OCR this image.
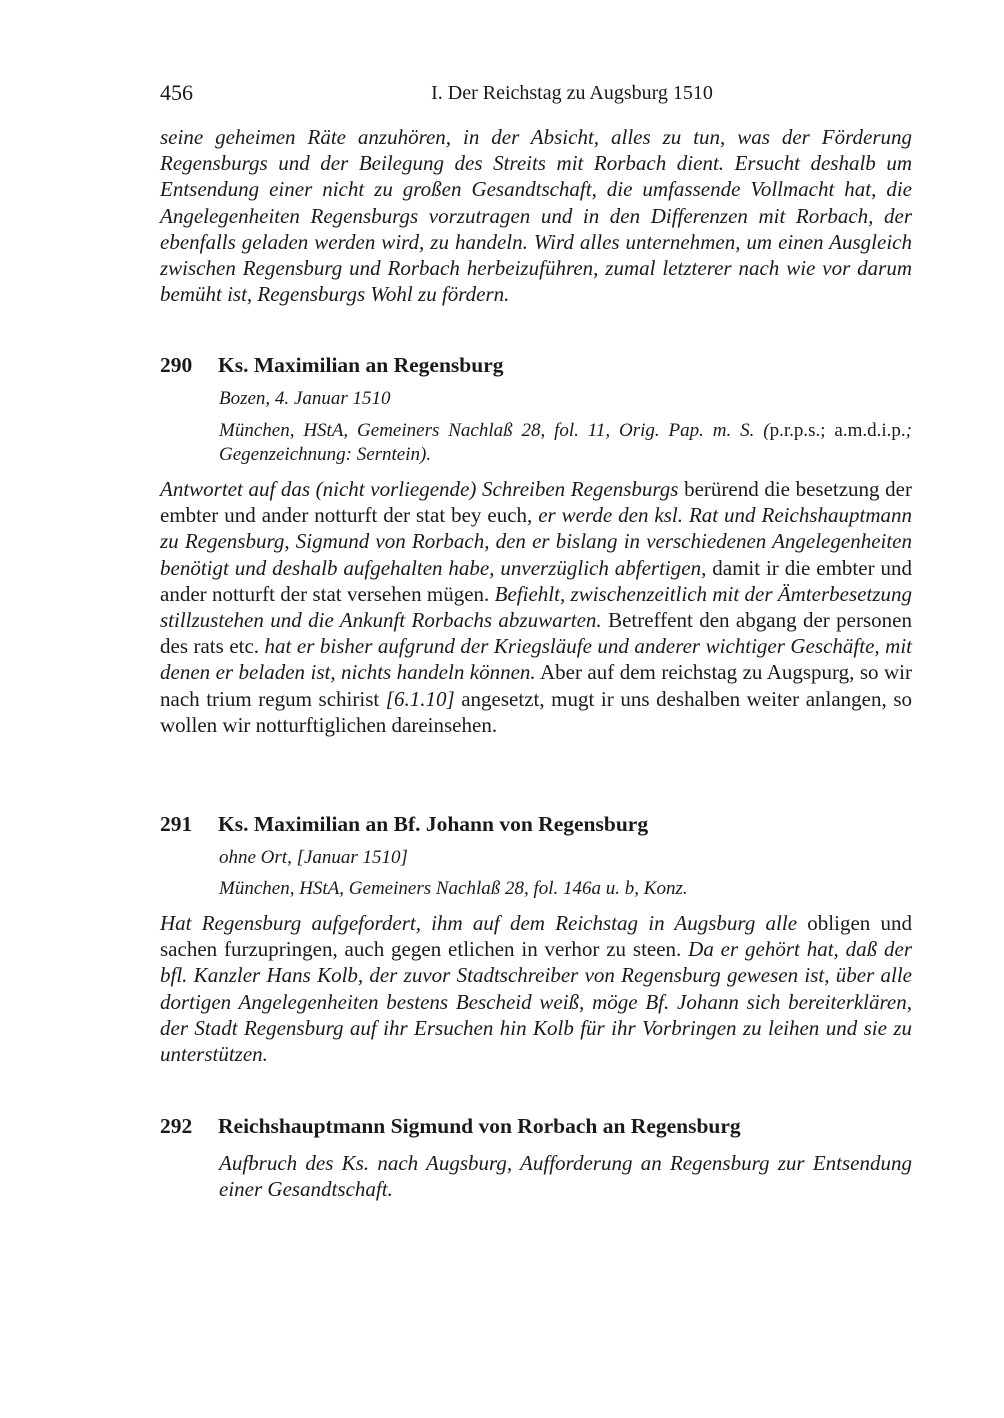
456	I. Der Reichstag zu Augsburg 1510
seine geheimen Räte anzuhören, in der Absicht, alles zu tun, was der Förderung Regensburgs und der Beilegung des Streits mit Rorbach dient. Ersucht deshalb um Entsendung einer nicht zu großen Gesandtschaft, die umfassende Vollmacht hat, die Angelegenheiten Regensburgs vorzutragen und in den Differenzen mit Rorbach, der ebenfalls geladen werden wird, zu handeln. Wird alles unternehmen, um einen Ausgleich zwischen Regensburg und Rorbach herbeizuführen, zumal letzterer nach wie vor darum bemüht ist, Regensburgs Wohl zu fördern.
290 Ks. Maximilian an Regensburg
Bozen, 4. Januar 1510
München, HStA, Gemeiners Nachlaß 28, fol. 11, Orig. Pap. m. S. (p.r.p.s.; a.m.d.i.p.; Gegenzeichnung: Serntein).
Antwortet auf das (nicht vorliegende) Schreiben Regensburgs berürend die besetzung der embter und ander notturft der stat bey euch, er werde den ksl. Rat und Reichshauptmann zu Regensburg, Sigmund von Rorbach, den er bislang in verschiedenen Angelegenheiten benötigt und deshalb aufgehalten habe, unverzüglich abfertigen, damit ir die embter und ander notturft der stat versehen mügen. Befiehlt, zwischenzeitlich mit der Ämterbesetzung stillzustehen und die Ankunft Rorbachs abzuwarten. Betreffent den abgang der personen des rats etc. hat er bisher aufgrund der Kriegsläufe und anderer wichtiger Geschäfte, mit denen er beladen ist, nichts handeln können. Aber auf dem reichstag zu Augspurg, so wir nach trium regum schirist [6.1.10] angesetzt, mugt ir uns deshalben weiter anlangen, so wollen wir notturftiglichen dareinsehen.
291 Ks. Maximilian an Bf. Johann von Regensburg
ohne Ort, [Januar 1510]
München, HStA, Gemeiners Nachlaß 28, fol. 146a u. b, Konz.
Hat Regensburg aufgefordert, ihm auf dem Reichstag in Augsburg alle obligen und sachen furzupringen, auch gegen etlichen in verhor zu steen. Da er gehört hat, daß der bfl. Kanzler Hans Kolb, der zuvor Stadtschreiber von Regensburg gewesen ist, über alle dortigen Angelegenheiten bestens Bescheid weiß, möge Bf. Johann sich bereiterklären, der Stadt Regensburg auf ihr Ersuchen hin Kolb für ihr Vorbringen zu leihen und sie zu unterstützen.
292 Reichshauptmann Sigmund von Rorbach an Regensburg
Aufbruch des Ks. nach Augsburg, Aufforderung an Regensburg zur Entsendung einer Gesandtschaft.
